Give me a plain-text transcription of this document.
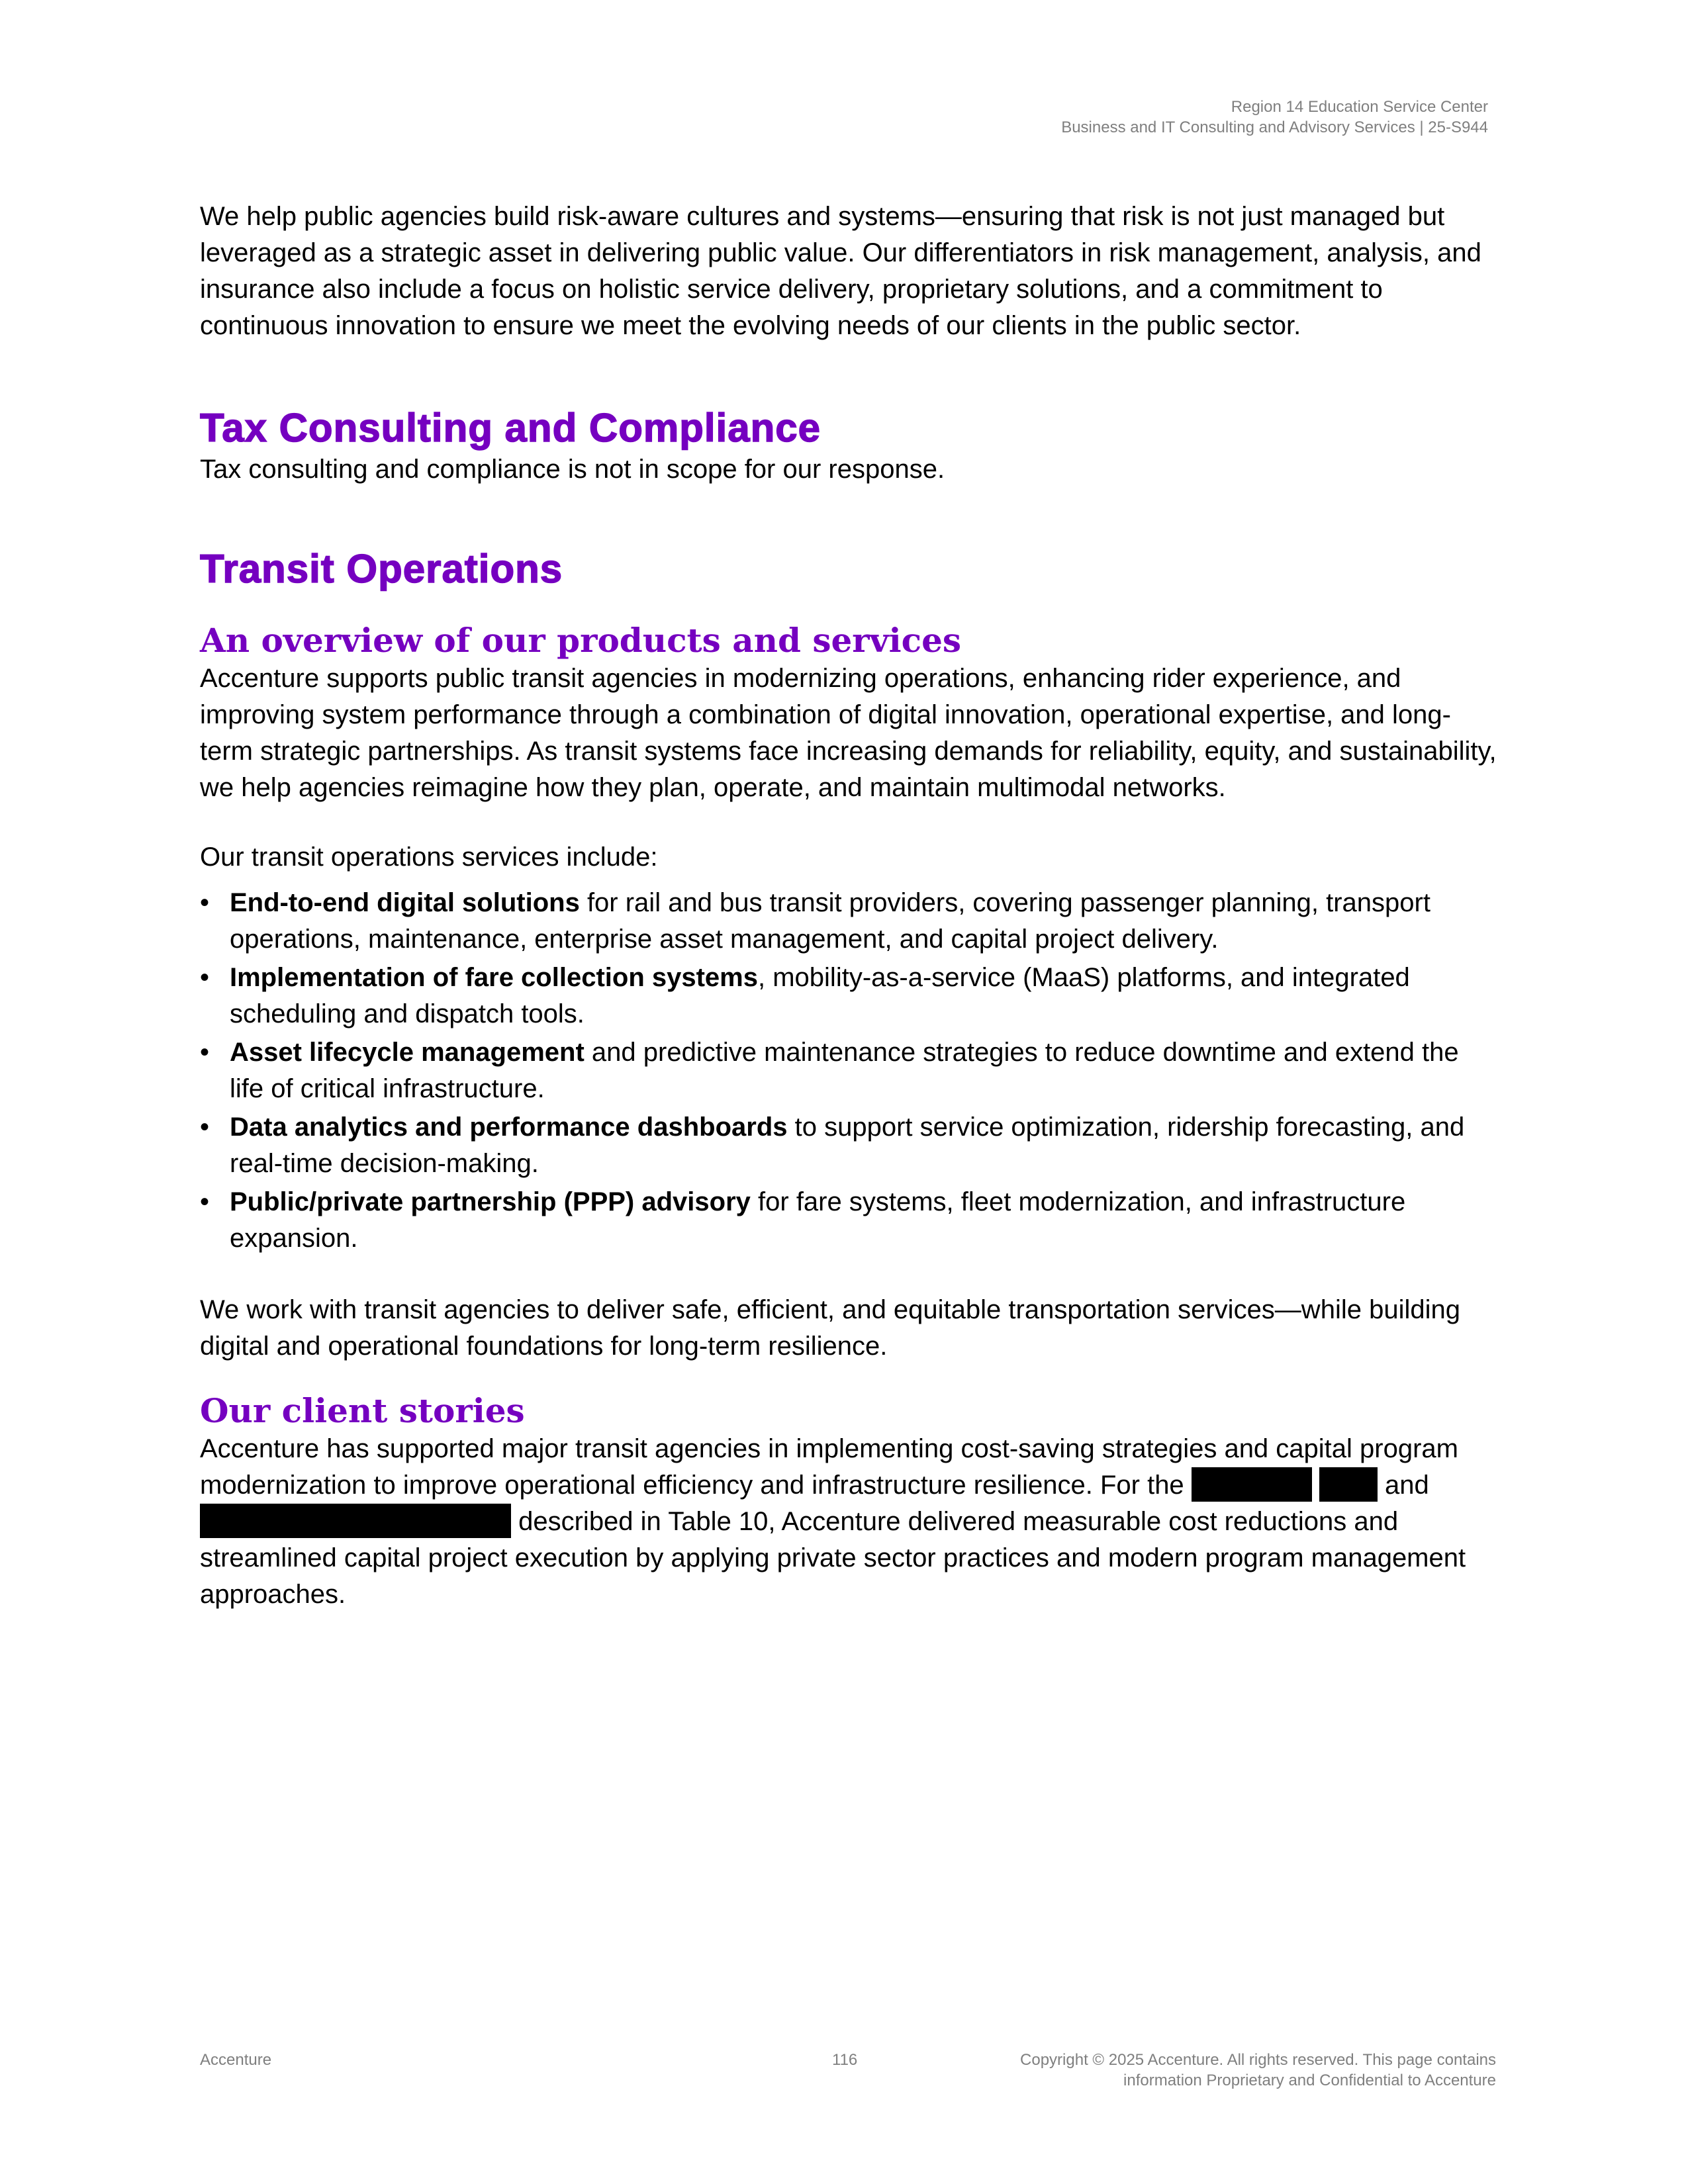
Region 14 Education Service Center
Business and IT Consulting and Advisory Services | 25-S944

We help public agencies build risk-aware cultures and systems—ensuring that risk is not just managed but leveraged as a strategic asset in delivering public value. Our differentiators in risk management, analysis, and insurance also include a focus on holistic service delivery, proprietary solutions, and a commitment to continuous innovation to ensure we meet the evolving needs of our clients in the public sector.

Tax Consulting and Compliance

Tax consulting and compliance is not in scope for our response.

Transit Operations
An overview of our products and services

Accenture supports public transit agencies in modernizing operations, enhancing rider experience, and improving system performance through a combination of digital innovation, operational expertise, and long-term strategic partnerships. As transit systems face increasing demands for reliability, equity, and sustainability, we help agencies reimagine how they plan, operate, and maintain multimodal networks.

Our transit operations services include:

• End-to-end digital solutions for rail and bus transit providers, covering passenger planning, transport operations, maintenance, enterprise asset management, and capital project delivery.
• Implementation of fare collection systems, mobility-as-a-service (MaaS) platforms, and integrated scheduling and dispatch tools.
• Asset lifecycle management and predictive maintenance strategies to reduce downtime and extend the life of critical infrastructure.
• Data analytics and performance dashboards to support service optimization, ridership forecasting, and real-time decision-making.
• Public/private partnership (PPP) advisory for fare systems, fleet modernization, and infrastructure expansion.

We work with transit agencies to deliver safe, efficient, and equitable transportation services—while building digital and operational foundations for long-term resilience.

Our client stories

Accenture has supported major transit agencies in implementing cost-saving strategies and capital program modernization to improve operational efficiency and infrastructure resilience. For the	and  described in Table 10, Accenture delivered measurable cost reductions and streamlined capital project execution by applying private sector practices and modern program management approaches.

Accenture	116	Copyright © 2025 Accenture. All rights reserved. This page contains
information Proprietary and Confidential to Accenture
